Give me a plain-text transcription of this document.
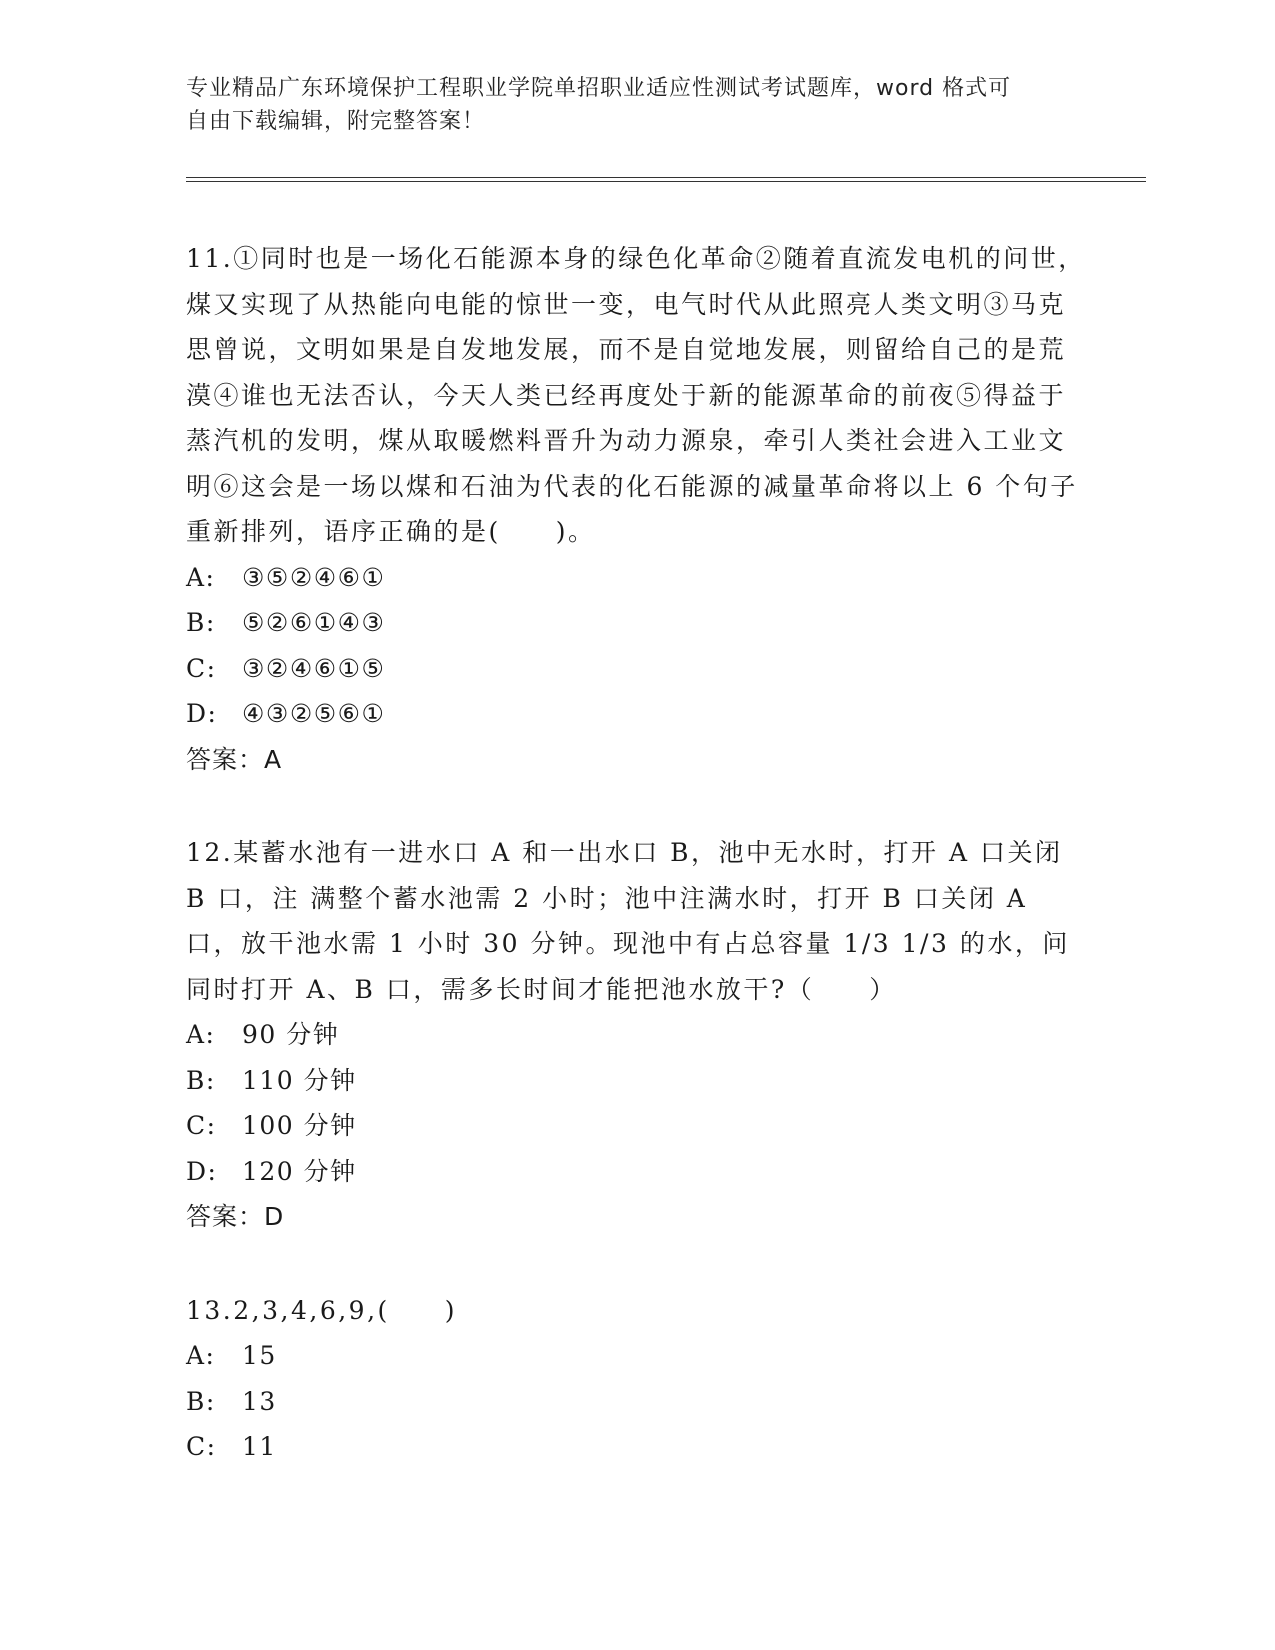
专业精品广东环境保护工程职业学院单招职业适应性测试考试题库，word 格式可
自由下载编辑，附完整答案！

11.①同时也是一场化石能源本身的绿色化革命②随着直流发电机的问世，煤又实现了从热能向电能的惊世一变，电气时代从此照亮人类文明③马克思曾说，文明如果是自发地发展，而不是自觉地发展，则留给自己的是荒漠④谁也无法否认，今天人类已经再度处于新的能源革命的前夜⑤得益于蒸汽机的发明，煤从取暖燃料晋升为动力源泉，牵引人类社会进入工业文明⑥这会是一场以煤和石油为代表的化石能源的减量革命将以上 6 个句子重新排列，语序正确的是(　　)。

A: ③⑤②④⑥①

B: ⑤②⑥①④③

C: ③②④⑥①⑤

D: ④③②⑤⑥①

答案：A

12.某蓄水池有一进水口 A 和一出水口 B，池中无水时，打开 A 口关闭 B 口，注 满整个蓄水池需 2 小时；池中注满水时，打开 B 口关闭 A 口，放干池水需 1 小时 30 分钟。现池中有占总容量 1/3 1/3 的水，问同时打开 A、B 口，需多长时间才能把池水放干?（　　）

A: 90 分钟

B: 110 分钟

C: 100 分钟

D: 120 分钟

答案：D

13.2,3,4,6,9,(　　)

A: 15

B: 13

C: 11
